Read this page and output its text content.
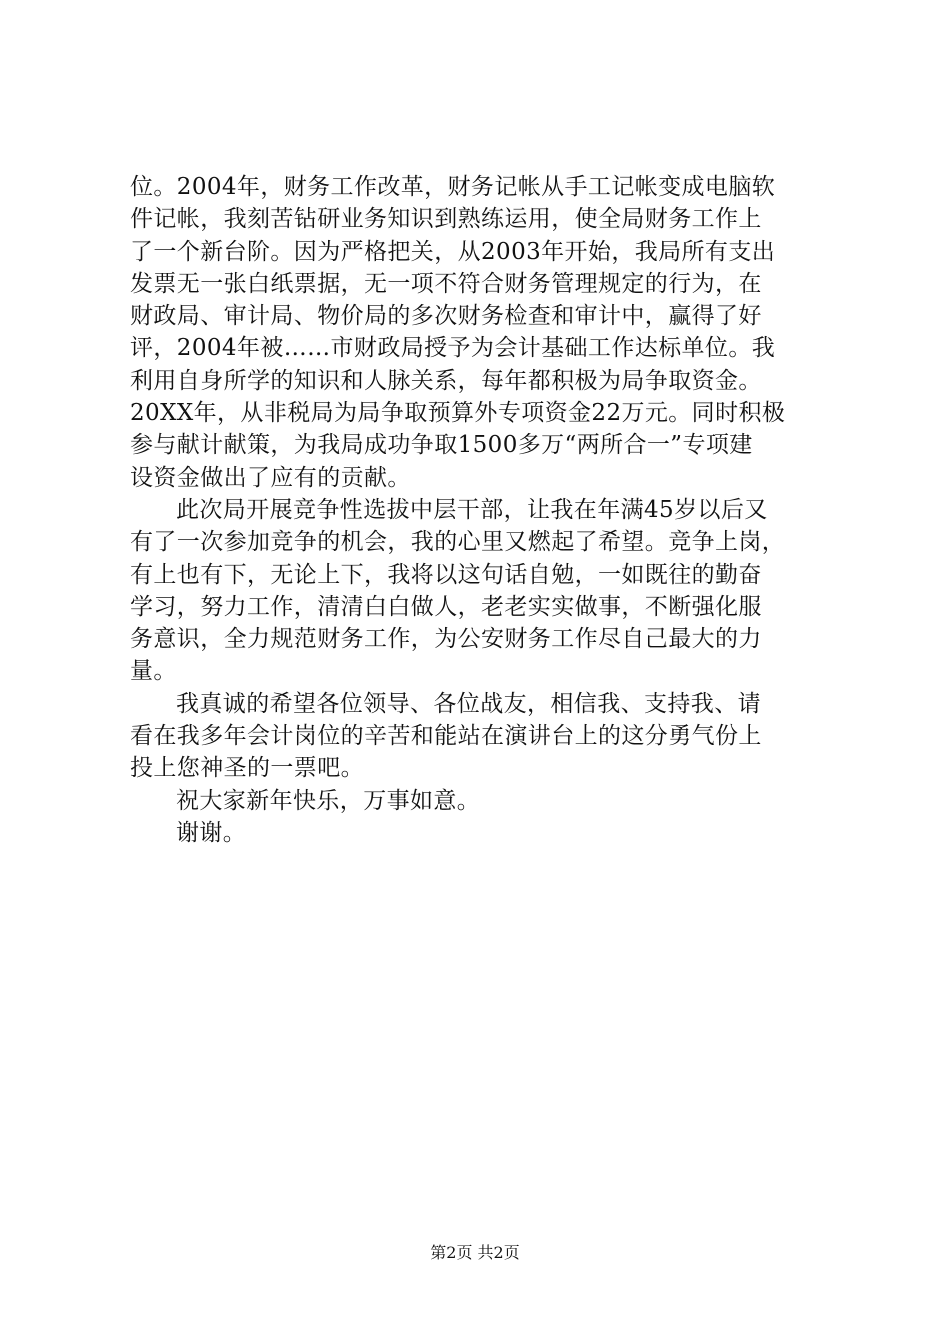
位。2004年，财务工作改革，财务记帐从手工记帐变成电脑软
件记帐，我刻苦钻研业务知识到熟练运用，使全局财务工作上
了一个新台阶。因为严格把关，从2003年开始，我局所有支出
发票无一张白纸票据，无一项不符合财务管理规定的行为，在
财政局、审计局、物价局的多次财务检查和审计中，赢得了好
评，2004年被……市财政局授予为会计基础工作达标单位。我
利用自身所学的知识和人脉关系，每年都积极为局争取资金。
20XX年，从非税局为局争取预算外专项资金22万元。同时积极
参与献计献策，为我局成功争取1500多万“两所合一”专项建
设资金做出了应有的贡献。
此次局开展竞争性选拔中层干部，让我在年满45岁以后又
有了一次参加竞争的机会，我的心里又燃起了希望。竞争上岗，
有上也有下，无论上下，我将以这句话自勉，一如既往的勤奋
学习，努力工作，清清白白做人，老老实实做事，不断强化服
务意识，全力规范财务工作，为公安财务工作尽自己最大的力
量。
我真诚的希望各位领导、各位战友，相信我、支持我、请
看在我多年会计岗位的辛苦和能站在演讲台上的这分勇气份上
投上您神圣的一票吧。
祝大家新年快乐，万事如意。
谢谢。
第2页 共2页
